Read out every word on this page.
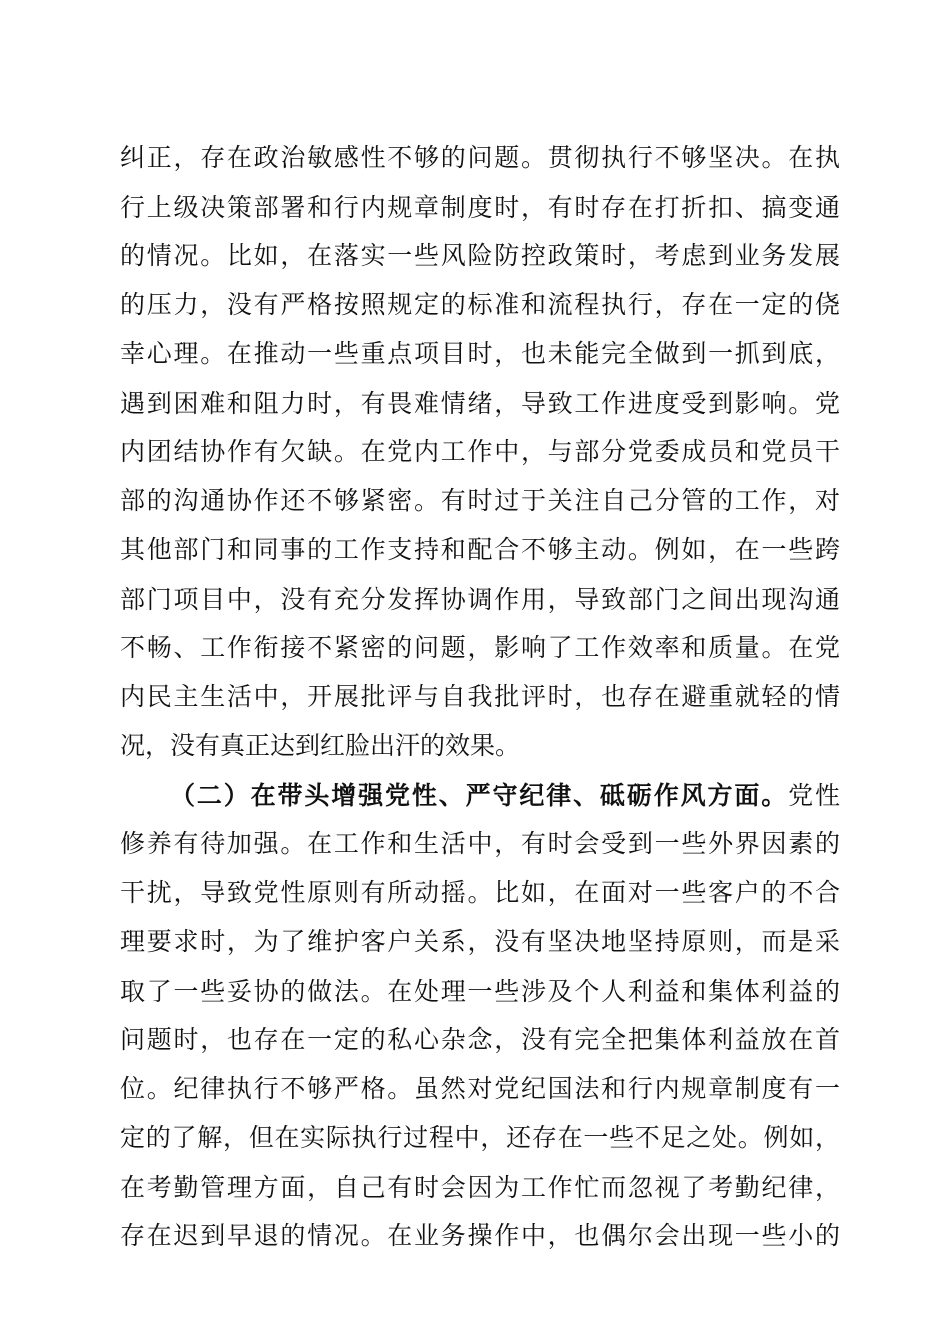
纠正，存在政治敏感性不够的问题。贯彻执行不够坚决。在执
行上级决策部署和行内规章制度时，有时存在打折扣、搞变通
的情况。比如，在落实一些风险防控政策时，考虑到业务发展
的压力，没有严格按照规定的标准和流程执行，存在一定的侥
幸心理。在推动一些重点项目时，也未能完全做到一抓到底，
遇到困难和阻力时，有畏难情绪，导致工作进度受到影响。党
内团结协作有欠缺。在党内工作中，与部分党委成员和党员干
部的沟通协作还不够紧密。有时过于关注自己分管的工作，对
其他部门和同事的工作支持和配合不够主动。例如，在一些跨
部门项目中，没有充分发挥协调作用，导致部门之间出现沟通
不畅、工作衔接不紧密的问题，影响了工作效率和质量。在党
内民主生活中，开展批评与自我批评时，也存在避重就轻的情
况，没有真正达到红脸出汗的效果。
（二）在带头增强党性、严守纪律、砥砺作风方面。党性
修养有待加强。在工作和生活中，有时会受到一些外界因素的
干扰，导致党性原则有所动摇。比如，在面对一些客户的不合
理要求时，为了维护客户关系，没有坚决地坚持原则，而是采
取了一些妥协的做法。在处理一些涉及个人利益和集体利益的
问题时，也存在一定的私心杂念，没有完全把集体利益放在首
位。纪律执行不够严格。虽然对党纪国法和行内规章制度有一
定的了解，但在实际执行过程中，还存在一些不足之处。例如，
在考勤管理方面，自己有时会因为工作忙而忽视了考勤纪律，
存在迟到早退的情况。在业务操作中，也偶尔会出现一些小的
